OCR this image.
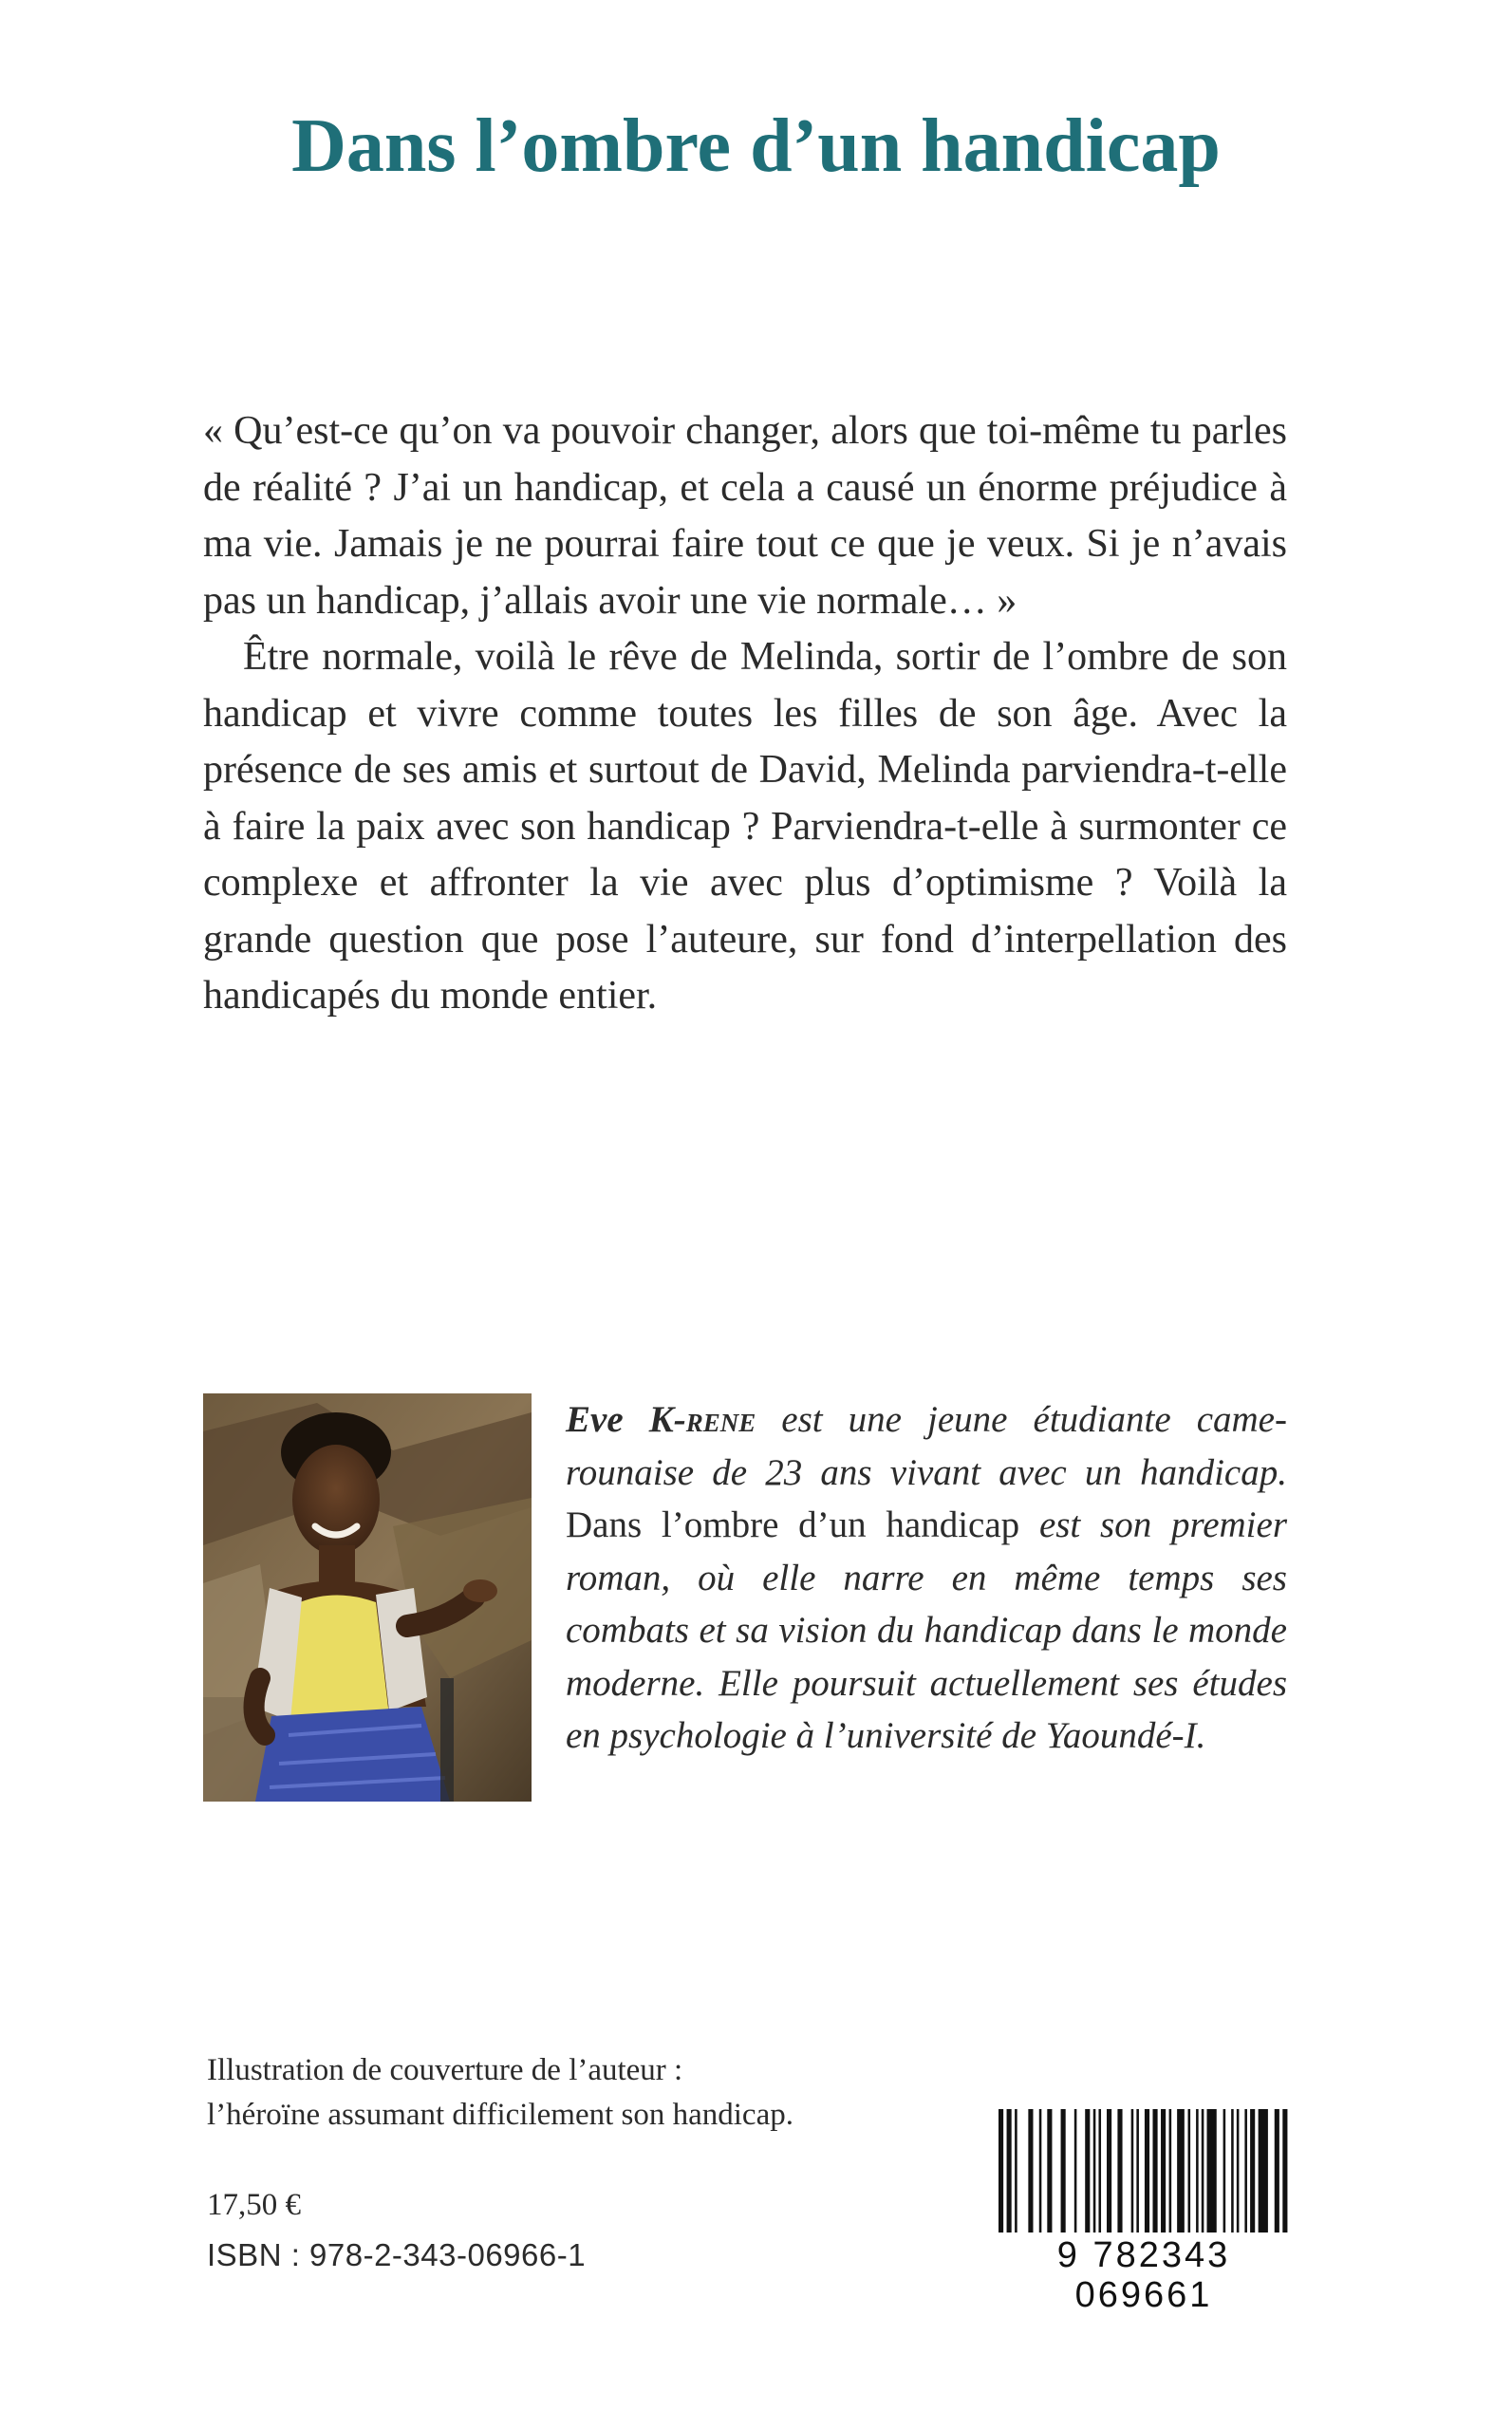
Dans l’ombre d’un handicap

« Qu’est-ce qu’on va pouvoir changer, alors que toi-même tu parles de réalité ? J’ai un handicap, et cela a causé un énorme préjudice à ma vie. Jamais je ne pourrai faire tout ce que je veux. Si je n’avais pas un handicap, j’allais avoir une vie normale… »

Être normale, voilà le rêve de Melinda, sortir de l’ombre de son handicap et vivre comme toutes les filles de son âge. Avec la présence de ses amis et surtout de David, Melinda parviendra-t-elle à faire la paix avec son handicap ? Parviendra-t-elle à surmonter ce complexe et affronter la vie avec plus d’optimisme ? Voilà la grande question que pose l’auteure, sur fond d’interpellation des handicapés du monde entier.

Eve K-rene est une jeune étudiante camerounaise de 23 ans vivant avec un handicap. Dans l’ombre d’un handicap est son premier roman, où elle narre en même temps ses combats et sa vision du handicap dans le monde moderne. Elle poursuit actuellement ses études en psychologie à l’université de Yaoundé-I.
Illustration de couverture de l’auteur :
l’héroïne assumant difficilement son handicap.
17,50 €
ISBN : 978-2-343-06966-1	9 782343 069661
